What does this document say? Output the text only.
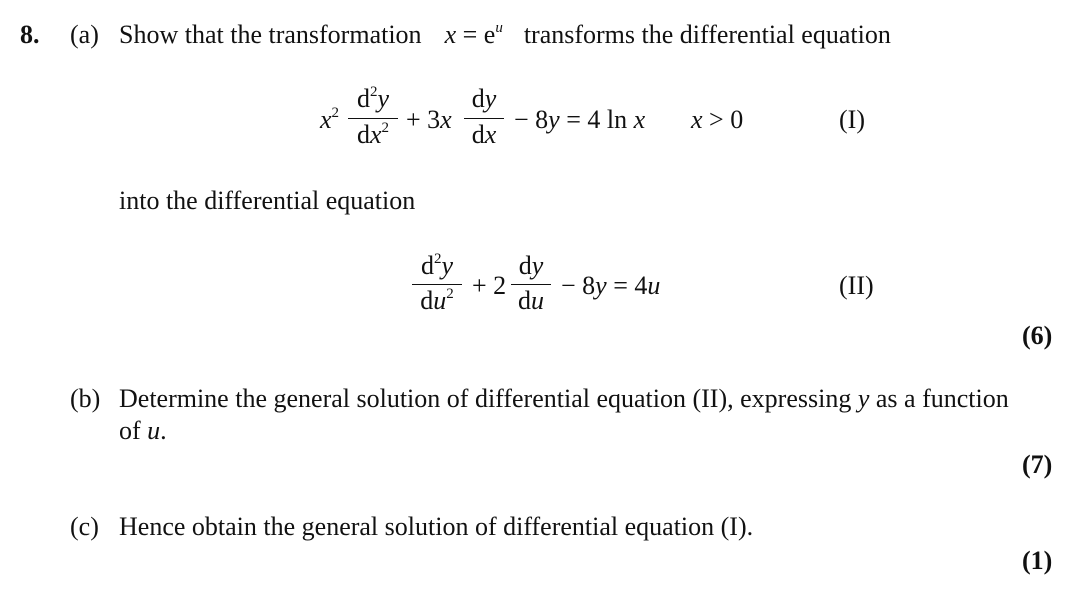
8. (a) Show that the transformation $x = e^u$ transforms the differential equation
$x^2$ $d^2y$
$dx^2 + 3x$
dy
dx
− 8y = 4 ln x x > 0	(I)
into the differential equation
$d^2y$
$du^2 + 2$
dy
du
− 8y = 4u	(II)
(6)
(b) Determine the general solution of differential equation (II), expressing y as a function
of u.
(7)
(c) Hence obtain the general solution of differential equation (I).
(1)
